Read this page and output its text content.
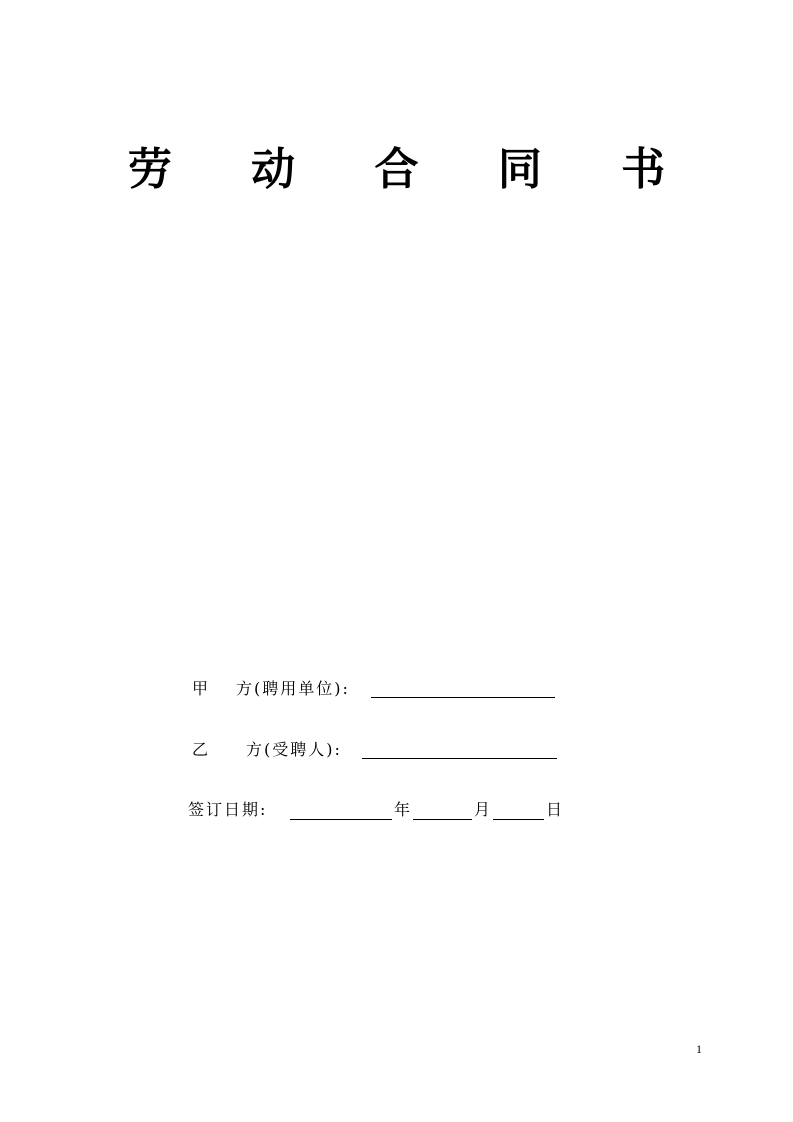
劳 动 合 同 书
甲 方(聘用单位):
乙 方(受聘人):
签订日期:	年	月	日
1
